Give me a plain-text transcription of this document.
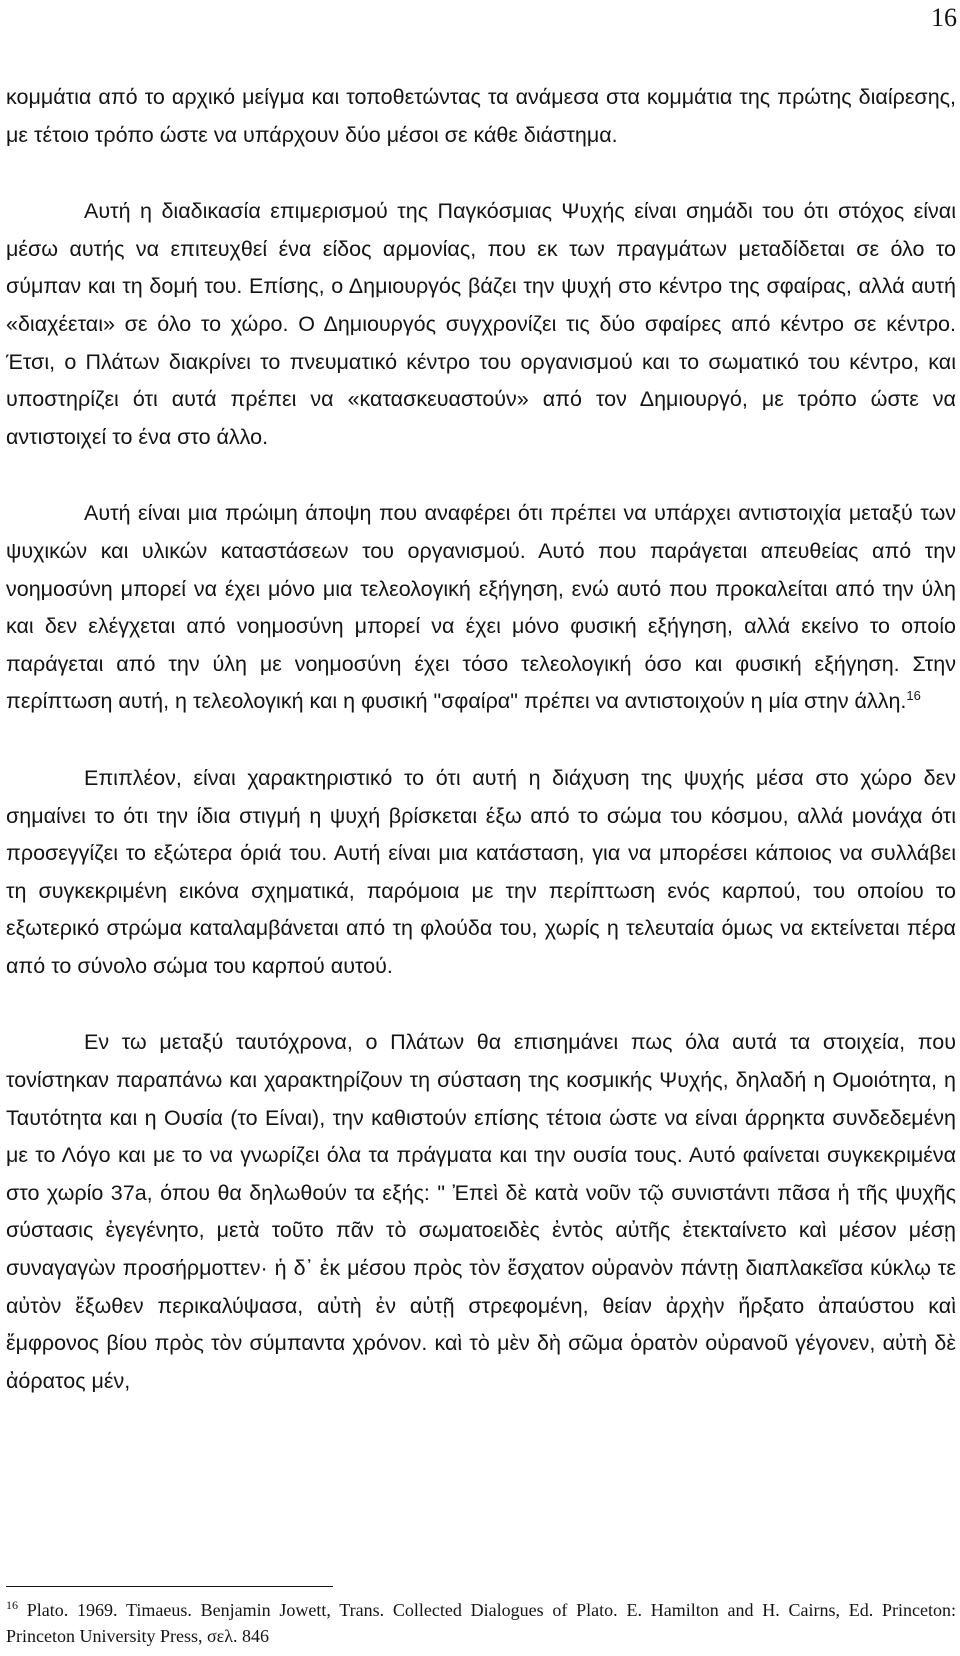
16

κομμάτια από το αρχικό μείγμα και τοποθετώντας τα ανάμεσα στα κομμάτια της πρώτης διαίρεσης, με τέτοιο τρόπο ώστε να υπάρχουν δύο μέσοι σε κάθε διάστημα.

Αυτή η διαδικασία επιμερισμού της Παγκόσμιας Ψυχής είναι σημάδι του ότι στόχος είναι μέσω αυτής να επιτευχθεί ένα είδος αρμονίας, που εκ των πραγμάτων μεταδίδεται σε όλο το σύμπαν και τη δομή του. Επίσης, ο Δημιουργός βάζει την ψυχή στο κέντρο της σφαίρας, αλλά αυτή «διαχέεται» σε όλο το χώρο. Ο Δημιουργός συγχρονίζει τις δύο σφαίρες από κέντρο σε κέντρο. Έτσι, ο Πλάτων διακρίνει το πνευματικό κέντρο του οργανισμού και το σωματικό του κέντρο, και υποστηρίζει ότι αυτά πρέπει να «κατασκευαστούν» από τον Δημιουργό, με τρόπο ώστε να αντιστοιχεί το ένα στο άλλο.

Αυτή είναι μια πρώιμη άποψη που αναφέρει ότι πρέπει να υπάρχει αντιστοιχία μεταξύ των ψυχικών και υλικών καταστάσεων του οργανισμού. Αυτό που παράγεται απευθείας από την νοημοσύνη μπορεί να έχει μόνο μια τελεολογική εξήγηση, ενώ αυτό που προκαλείται από την ύλη και δεν ελέγχεται από νοημοσύνη μπορεί να έχει μόνο φυσική εξήγηση, αλλά εκείνο το οποίο παράγεται από την ύλη με νοημοσύνη έχει τόσο τελεολογική όσο και φυσική εξήγηση. Στην περίπτωση αυτή, η τελεολογική και η φυσική "σφαίρα" πρέπει να αντιστοιχούν η μία στην άλλη.$^{16}$

Επιπλέον, είναι χαρακτηριστικό το ότι αυτή η διάχυση της ψυχής μέσα στο χώρο δεν σημαίνει το ότι την ίδια στιγμή η ψυχή βρίσκεται έξω από το σώμα του κόσμου, αλλά μονάχα ότι προσεγγίζει το εξώτερα όριά του. Αυτή είναι μια κατάσταση, για να μπορέσει κάποιος να συλλάβει τη συγκεκριμένη εικόνα σχηματικά, παρόμοια με την περίπτωση ενός καρπού, του οποίου το εξωτερικό στρώμα καταλαμβάνεται από τη φλούδα του, χωρίς η τελευταία όμως να εκτείνεται πέρα από το σύνολο σώμα του καρπού αυτού.

Εν τω μεταξύ ταυτόχρονα, ο Πλάτων θα επισημάνει πως όλα αυτά τα στοιχεία, που τονίστηκαν παραπάνω και χαρακτηρίζουν τη σύσταση της κοσμικής Ψυχής, δηλαδή η Ομοιότητα, η Ταυτότητα και η Ουσία (το Είναι), την καθιστούν επίσης τέτοια ώστε να είναι άρρηκτα συνδεδεμένη με το Λόγο και με το να γνωρίζει όλα τα πράγματα και την ουσία τους. Αυτό φαίνεται συγκεκριμένα στο χωρίο 37a, όπου θα δηλωθούν τα εξής: " Ἐπεὶ δὲ κατὰ νοῦν τῷ συνιστάντι πᾶσα ἡ τῆς ψυχῆς σύστασις ἐγεγένητο, μετὰ τοῦτο πᾶν τὸ σωματοειδὲς ἐντὸς αὐτῆς ἐτεκταίνετο καὶ μέσον μέσῃ συναγαγὼν προσήρμοττεν· ἡ δ᾽ ἐκ μέσου πρὸς τὸν ἔσχατον οὐρανὸν πάντῃ διαπλακεῖσα κύκλῳ τε αὐτὸν ἔξωθεν περικαλύψασα, αὐτὴ ἐν αὑτῇ στρεφομένη, θείαν ἀρχὴν ἤρξατο ἀπαύστου καὶ ἔμφρονος βίου πρὸς τὸν σύμπαντα χρόνον. καὶ τὸ μὲν δὴ σῶμα ὁρατὸν οὐρανοῦ γέγονεν, αὐτὴ δὲ ἀόρατος μέν,

$^{16}$ Plato. 1969. Timaeus. Benjamin Jowett, Trans. Collected Dialogues of Plato. E. Hamilton and H. Cairns, Ed. Princeton: Princeton University Press, σελ. 846
